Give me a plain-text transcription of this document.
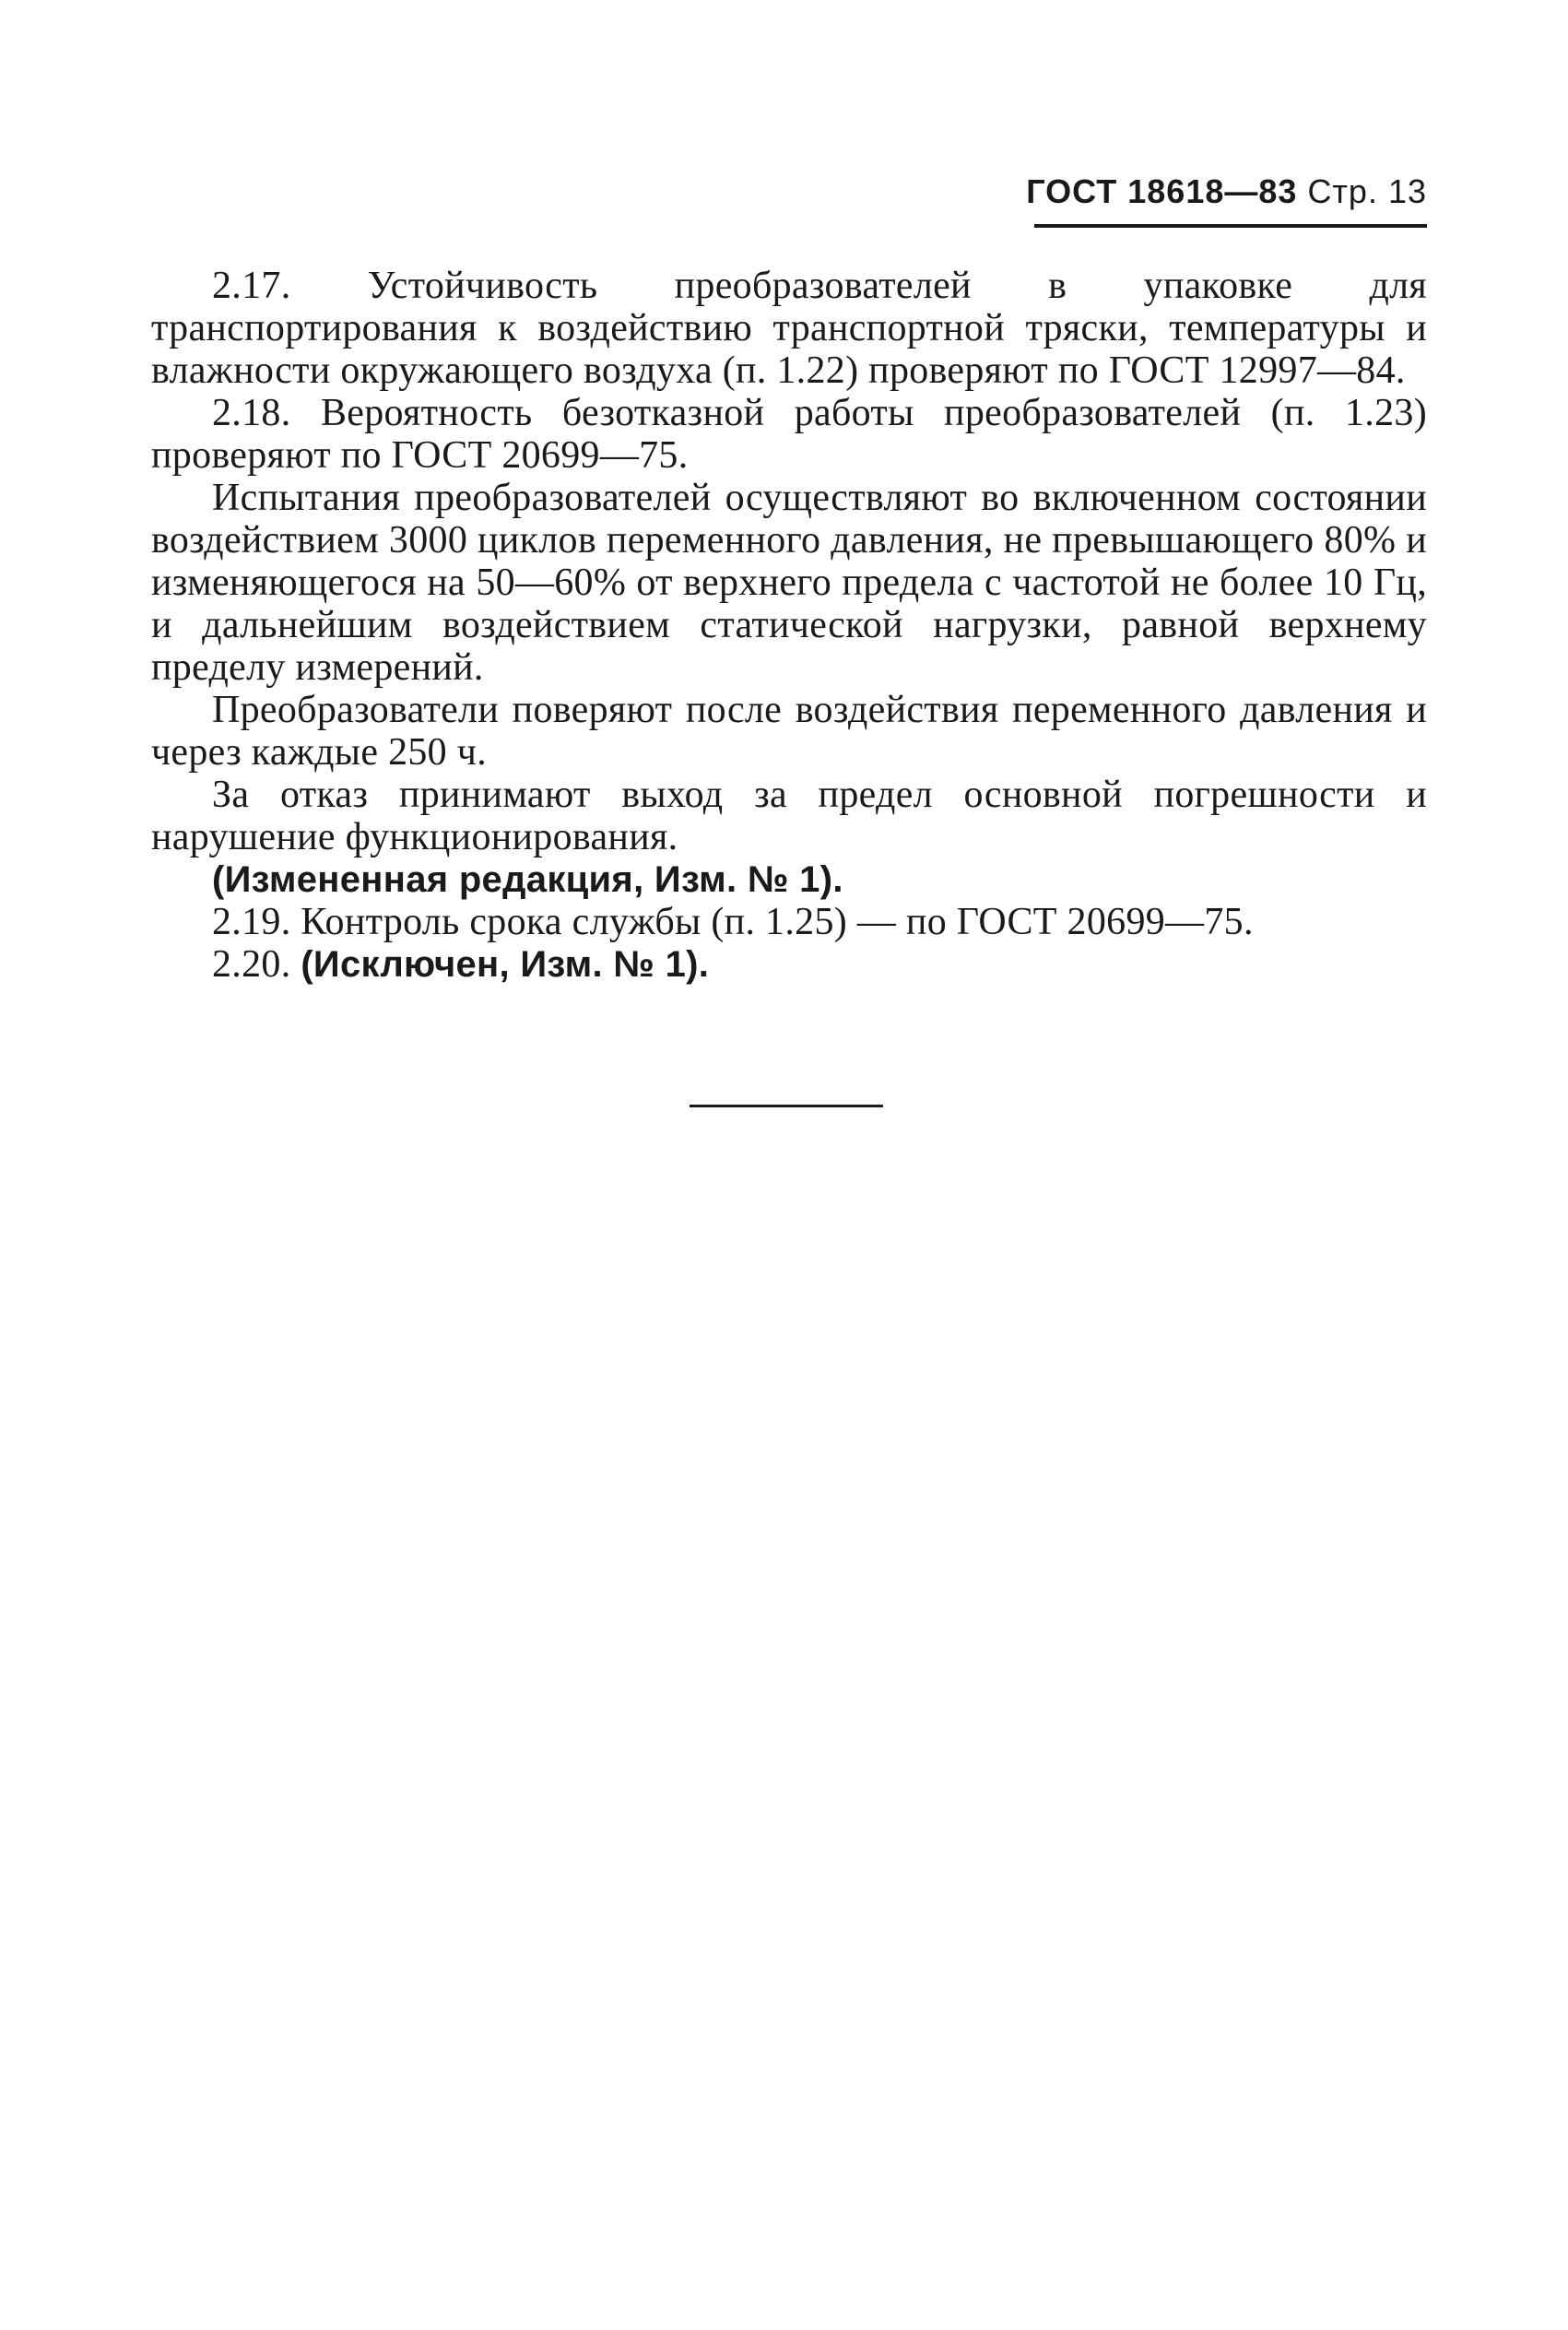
ГОСТ 18618—83 Стр. 13

2.17. Устойчивость преобразователей в упаковке для транспортирования к воздействию транспортной тряски, температуры и влажности окружающего воздуха (п. 1.22) проверяют по ГОСТ 12997—84.

2.18. Вероятность безотказной работы преобразователей (п. 1.23) проверяют по ГОСТ 20699—75.

Испытания преобразователей осуществляют во включенном состоянии воздействием 3000 циклов переменного давления, не превышающего 80% и изменяющегося на 50—60% от верхнего предела с частотой не более 10 Гц, и дальнейшим воздействием статической нагрузки, равной верхнему пределу измерений.

Преобразователи поверяют после воздействия переменного давления и через каждые 250 ч.

За отказ принимают выход за предел основной погрешности и нарушение функционирования.

(Измененная редакция, Изм. № 1).

2.19. Контроль срока службы (п. 1.25) — по ГОСТ 20699—75.

2.20. (Исключен, Изм. № 1).
